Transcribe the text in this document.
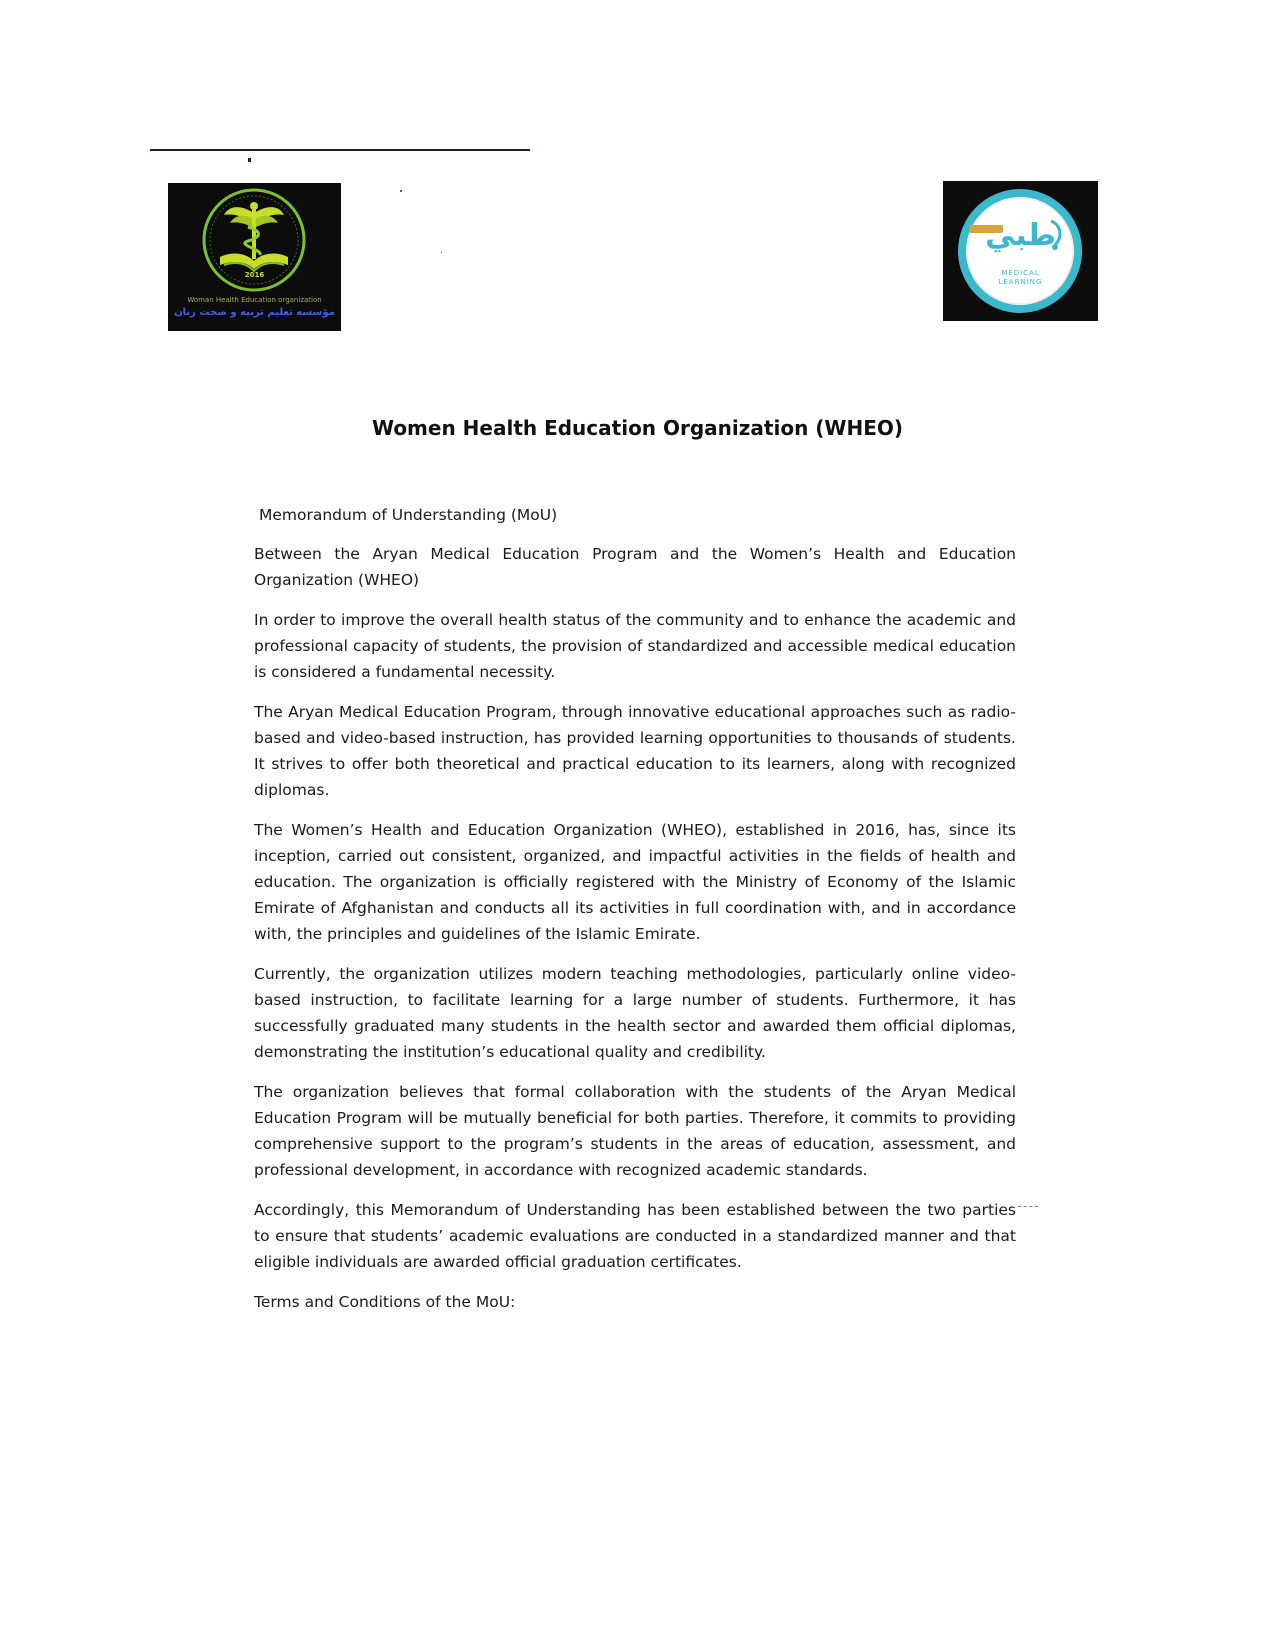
2016
Woman Health Education organization
مؤسسه تعلیم تربیه و صحت زنان
طبي
MEDICAL
LEARNING
Women Health Education Organization (WHEO)

Memorandum of Understanding (MoU)

Between the Aryan Medical Education Program and the Women’s Health and Education Organization (WHEO)

In order to improve the overall health status of the community and to enhance the academic and professional capacity of students, the provision of standardized and accessible medical education is considered a fundamental necessity.

The Aryan Medical Education Program, through innovative educational approaches such as radio-based and video-based instruction, has provided learning opportunities to thousands of students. It strives to offer both theoretical and practical education to its learners, along with recognized diplomas.

The Women’s Health and Education Organization (WHEO), established in 2016, has, since its inception, carried out consistent, organized, and impactful activities in the fields of health and education. The organization is officially registered with the Ministry of Economy of the Islamic Emirate of Afghanistan and conducts all its activities in full coordination with, and in accordance with, the principles and guidelines of the Islamic Emirate.

Currently, the organization utilizes modern teaching methodologies, particularly online video-based instruction, to facilitate learning for a large number of students. Furthermore, it has successfully graduated many students in the health sector and awarded them official diplomas, demonstrating the institution’s educational quality and credibility.

The organization believes that formal collaboration with the students of the Aryan Medical Education Program will be mutually beneficial for both parties. Therefore, it commits to providing comprehensive support to the program’s students in the areas of education, assessment, and professional development, in accordance with recognized academic standards.

Accordingly, this Memorandum of Understanding has been established between the two parties to ensure that students’ academic evaluations are conducted in a standardized manner and that eligible individuals are awarded official graduation certificates.

Terms and Conditions of the MoU:
